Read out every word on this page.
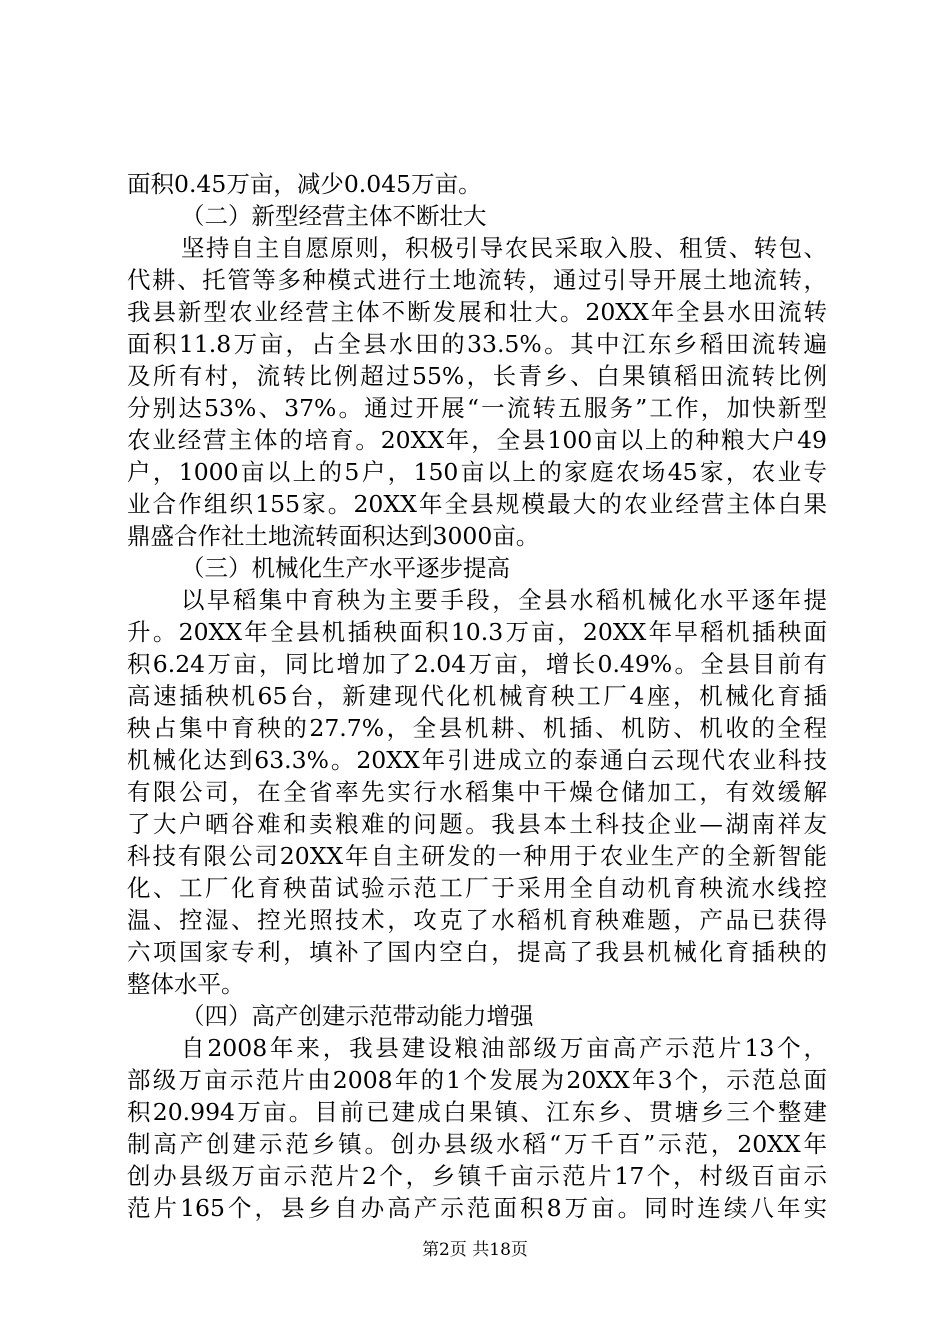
面积0.45万亩，减少0.045万亩。
（二）新型经营主体不断壮大
坚持自主自愿原则，积极引导农民采取入股、租赁、转包、
代耕、托管等多种模式进行土地流转，通过引导开展土地流转，
我县新型农业经营主体不断发展和壮大。20XX年全县水田流转
面积11.8万亩，占全县水田的33.5%。其中江东乡稻田流转遍
及所有村，流转比例超过55%，长青乡、白果镇稻田流转比例
分别达53%、37%。通过开展“一流转五服务”工作，加快新型
农业经营主体的培育。20XX年，全县100亩以上的种粮大户49
户，1000亩以上的5户，150亩以上的家庭农场45家，农业专
业合作组织155家。20XX年全县规模最大的农业经营主体白果
鼎盛合作社土地流转面积达到3000亩。
（三）机械化生产水平逐步提高
以早稻集中育秧为主要手段，全县水稻机械化水平逐年提
升。20XX年全县机插秧面积10.3万亩，20XX年早稻机插秧面
积6.24万亩，同比增加了2.04万亩，增长0.49%。全县目前有
高速插秧机65台，新建现代化机械育秧工厂4座，机械化育插
秧占集中育秧的27.7%，全县机耕、机插、机防、机收的全程
机械化达到63.3%。20XX年引进成立的泰通白云现代农业科技
有限公司，在全省率先实行水稻集中干燥仓储加工，有效缓解
了大户晒谷难和卖粮难的问题。我县本土科技企业—湖南祥友
科技有限公司20XX年自主研发的一种用于农业生产的全新智能
化、工厂化育秧苗试验示范工厂于采用全自动机育秧流水线控
温、控湿、控光照技术，攻克了水稻机育秧难题，产品已获得
六项国家专利，填补了国内空白，提高了我县机械化育插秧的
整体水平。
（四）高产创建示范带动能力增强
自2008年来，我县建设粮油部级万亩高产示范片13个，
部级万亩示范片由2008年的1个发展为20XX年3个，示范总面
积20.994万亩。目前已建成白果镇、江东乡、贯塘乡三个整建
制高产创建示范乡镇。创办县级水稻“万千百”示范，20XX年
创办县级万亩示范片2个，乡镇千亩示范片17个，村级百亩示
范片165个，县乡自办高产示范面积8万亩。同时连续八年实
第2页 共18页
